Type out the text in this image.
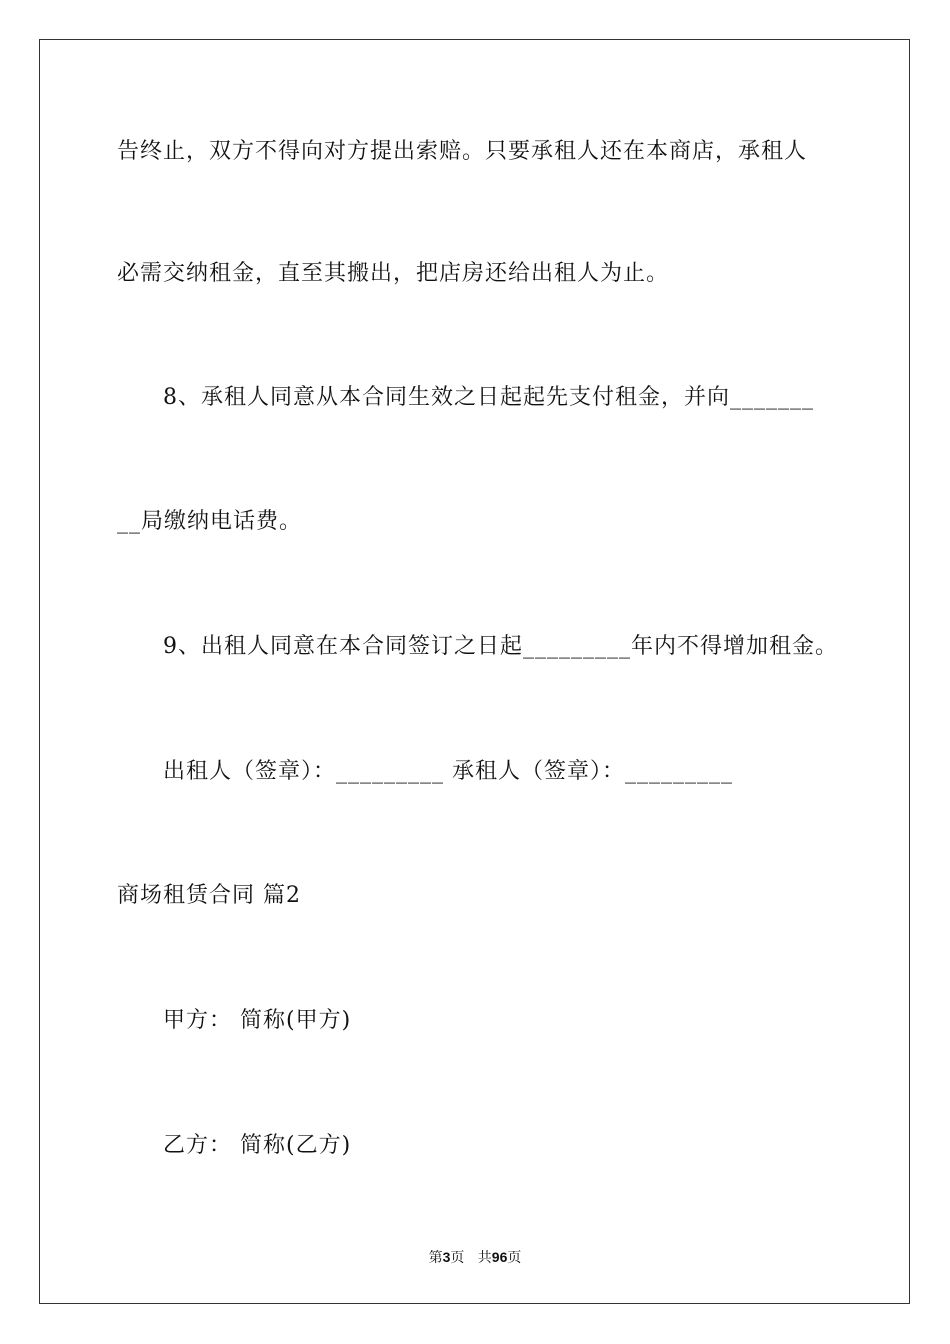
告终止，双方不得向对方提出索赔。只要承租人还在本商店，承租人
必需交纳租金，直至其搬出，把店房还给出租人为止。
8、承租人同意从本合同生效之日起起先支付租金，并向_______
__局缴纳电话费。
9、出租人同意在本合同签订之日起_________年内不得增加租金。
出租人（签章）：_________ 承租人（签章）：_________
商场租赁合同 篇2
甲方： 简称(甲方)
乙方： 简称(乙方)
第3页 共96页
